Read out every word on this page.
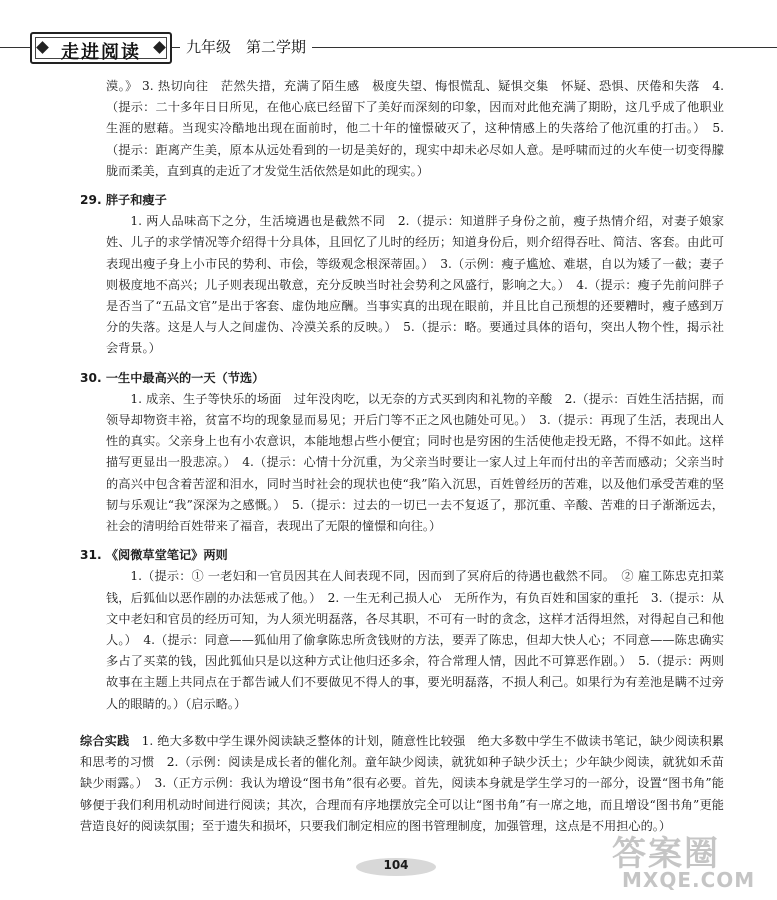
走进阅读	九年级　第二学期

漠。》 3. 热切向往　茫然失措，充满了陌生感　极度失望、悔恨慌乱、疑惧交集　怀疑、恐惧、厌倦和失落　4.（提示：二十多年日日所见，在他心底已经留下了美好而深刻的印象，因而对此他充满了期盼，这几乎成了他职业生涯的慰藉。当现实冷酷地出现在面前时，他二十年的憧憬破灭了，这种情感上的失落给了他沉重的打击。）　5.（提示：距离产生美，原本从远处看到的一切是美好的，现实中却未必尽如人意。是呼啸而过的火车使一切变得朦胧而柔美，直到真的走近了才发觉生活依然是如此的现实。）

29. 胖子和瘦子

1. 两人品味高下之分，生活境遇也是截然不同　2.（提示：知道胖子身份之前，瘦子热情介绍，对妻子娘家姓、儿子的求学情况等介绍得十分具体，且回忆了儿时的经历；知道身份后，则介绍得吞吐、简洁、客套。由此可表现出瘦子身上小市民的势利、市侩，等级观念根深蒂固。）　3.（示例：瘦子尴尬、难堪，自以为矮了一截；妻子则极度地不高兴；儿子则表现出敬意，充分反映当时社会势利之风盛行，影响之大。）　4.（提示：瘦子先前问胖子是否当了“五品文官”是出于客套、虚伪地应酬。当事实真的出现在眼前，并且比自己预想的还要糟时，瘦子感到万分的失落。这是人与人之间虚伪、冷漠关系的反映。）　5.（提示：略。要通过具体的语句，突出人物个性，揭示社会背景。）

30. 一生中最高兴的一天（节选）

1. 成亲、生子等快乐的场面　过年没肉吃，以无奈的方式买到肉和礼物的辛酸　2.（提示：百姓生活拮据，而领导却物资丰裕，贫富不均的现象显而易见；开后门等不正之风也随处可见。）　3.（提示：再现了生活，表现出人性的真实。父亲身上也有小农意识，本能地想占些小便宜；同时也是穷困的生活使他走投无路，不得不如此。这样描写更显出一股悲凉。）　4.（提示：心情十分沉重，为父亲当时要让一家人过上年而付出的辛苦而感动；父亲当时的高兴中包含着苦涩和泪水，同时当时社会的现状也使“我”陷入沉思，百姓曾经历的苦难，以及他们承受苦难的坚韧与乐观让“我”深深为之感慨。）　5.（提示：过去的一切已一去不复返了，那沉重、辛酸、苦难的日子渐渐远去，社会的清明给百姓带来了福音，表现出了无限的憧憬和向往。）

31. 《阅微草堂笔记》两则

1.（提示：① 一老妇和一官员因其在人间表现不同，因而到了冥府后的待遇也截然不同。　② 雇工陈忠克扣菜钱，后狐仙以恶作剧的办法惩戒了他。）　2. 一生无利己损人心　无所作为，有负百姓和国家的重托　3.（提示：从文中老妇和官员的经历可知，为人须光明磊落，各尽其职，不可有一时的贪念，这样才活得坦然，对得起自己和他人。）　4.（提示：同意——狐仙用了偷拿陈忠所贪钱财的方法，要弄了陈忠，但却大快人心；不同意——陈忠确实多占了买菜的钱，因此狐仙只是以这种方式让他归还多余，符合常理人情，因此不可算恶作剧。）　5.（提示：两则故事在主题上共同点在于都告诫人们不要做见不得人的事，要光明磊落，不损人利己。如果行为有差池是瞒不过旁人的眼睛的。）（启示略。）

综合实践　 1. 绝大多数中学生课外阅读缺乏整体的计划，随意性比较强　绝大多数中学生不做读书笔记，缺少阅读积累和思考的习惯　2.（示例：阅读是成长者的催化剂。童年缺少阅读，就犹如种子缺少沃土；少年缺少阅读，就犹如禾苗缺少雨露。）　3.（正方示例：我认为增设“图书角”很有必要。首先，阅读本身就是学生学习的一部分，设置“图书角”能够便于我们利用机动时间进行阅读；其次，合理而有序地摆放完全可以让“图书角”有一席之地，而且增设“图书角”更能营造良好的阅读氛围；至于遗失和损坏，只要我们制定相应的图书管理制度，加强管理，这点是不用担心的。）

104	答案圈
MXQE.COM
